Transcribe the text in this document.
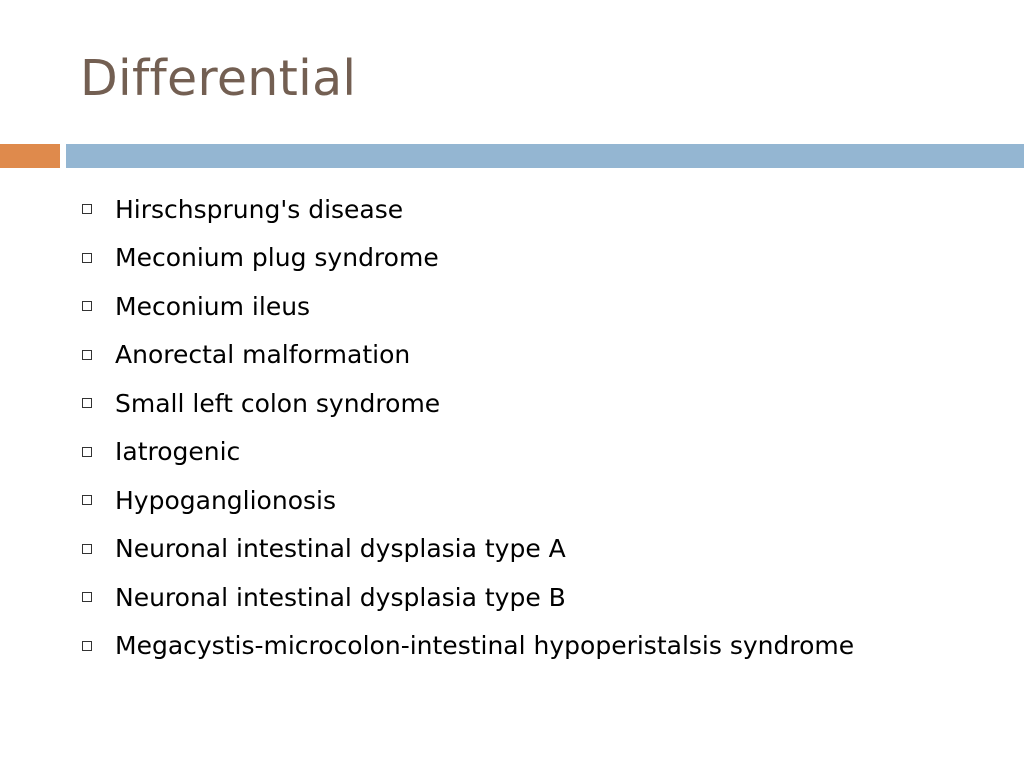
Differential
Hirschsprung's disease
Meconium plug syndrome
Meconium ileus
Anorectal malformation
Small left colon syndrome
Iatrogenic
Hypoganglionosis
Neuronal intestinal dysplasia type A
Neuronal intestinal dysplasia type B
Megacystis-microcolon-intestinal hypoperistalsis syndrome
